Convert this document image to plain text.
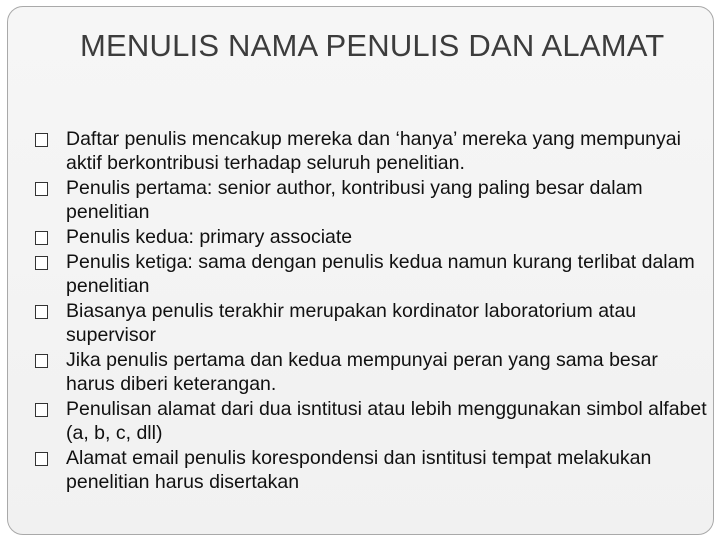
MENULIS NAMA PENULIS DAN ALAMAT
Daftar penulis mencakup mereka dan ‘hanya’ mereka yang mempunyai aktif berkontribusi terhadap seluruh penelitian.
Penulis pertama: senior author, kontribusi yang paling besar dalam penelitian
Penulis kedua: primary associate
Penulis ketiga: sama dengan penulis kedua namun kurang terlibat dalam penelitian
Biasanya penulis terakhir merupakan kordinator laboratorium atau supervisor
Jika penulis pertama dan kedua mempunyai peran yang sama besar harus diberi keterangan.
Penulisan alamat dari dua isntitusi atau lebih menggunakan simbol alfabet (a, b, c, dll)
Alamat email penulis korespondensi dan isntitusi tempat melakukan penelitian harus disertakan
